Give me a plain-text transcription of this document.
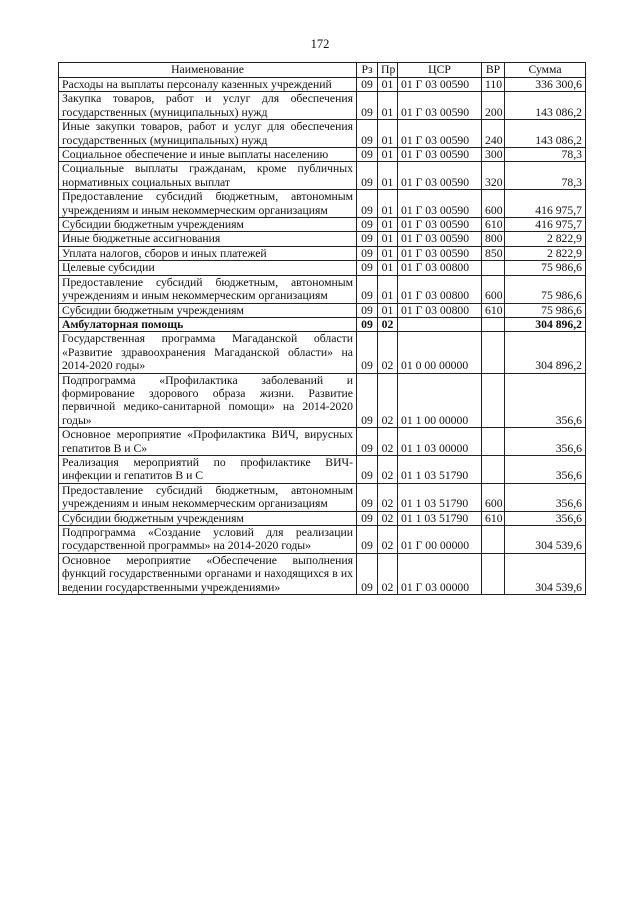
172
Наименование	Рз	Пр	ЦСР	ВР	Сумма
Расходы на выплаты персоналу казенных учреждений	09	01	01 Г 03 00590	110	336 300,6
Закупка товаров, работ и услуг для обеспечения государственных (муниципальных) нужд	09	01	01 Г 03 00590	200	143 086,2
Иные закупки товаров, работ и услуг для обеспечения государственных (муниципальных) нужд	09	01	01 Г 03 00590	240	143 086,2
Социальное обеспечение и иные выплаты населению	09	01	01 Г 03 00590	300	78,3
Социальные выплаты гражданам, кроме публичных нормативных социальных выплат	09	01	01 Г 03 00590	320	78,3
Предоставление субсидий бюджетным, автономным учреждениям и иным некоммерческим организациям	09	01	01 Г 03 00590	600	416 975,7
Субсидии бюджетным учреждениям	09	01	01 Г 03 00590	610	416 975,7
Иные бюджетные ассигнования	09	01	01 Г 03 00590	800	2 822,9
Уплата налогов, сборов и иных платежей	09	01	01 Г 03 00590	850	2 822,9
Целевые субсидии	09	01	01 Г 03 00800		75 986,6
Предоставление субсидий бюджетным, автономным учреждениям и иным некоммерческим организациям	09	01	01 Г 03 00800	600	75 986,6
Субсидии бюджетным учреждениям	09	01	01 Г 03 00800	610	75 986,6
Амбулаторная помощь	09	02			304 896,2
Государственная программа Магаданской области «Развитие здравоохранения Магаданской области» на 2014-2020 годы»	09	02	01 0 00 00000		304 896,2
Подпрограмма «Профилактика заболеваний и формирование здорового образа жизни. Развитие первичной медико-санитарной помощи» на 2014-2020 годы»	09	02	01 1 00 00000		356,6
Основное мероприятие «Профилактика ВИЧ, вирусных гепатитов В и С»	09	02	01 1 03 00000		356,6
Реализация мероприятий по профилактике ВИЧ-инфекции и гепатитов В и С	09	02	01 1 03 51790		356,6
Предоставление субсидий бюджетным, автономным учреждениям и иным некоммерческим организациям	09	02	01 1 03 51790	600	356,6
Субсидии бюджетным учреждениям	09	02	01 1 03 51790	610	356,6
Подпрограмма «Создание условий для реализации государственной программы» на 2014-2020 годы»	09	02	01 Г 00 00000		304 539,6
Основное мероприятие «Обеспечение выполнения функций государственными органами и находящихся в их ведении государственными учреждениями»	09	02	01 Г 03 00000		304 539,6
